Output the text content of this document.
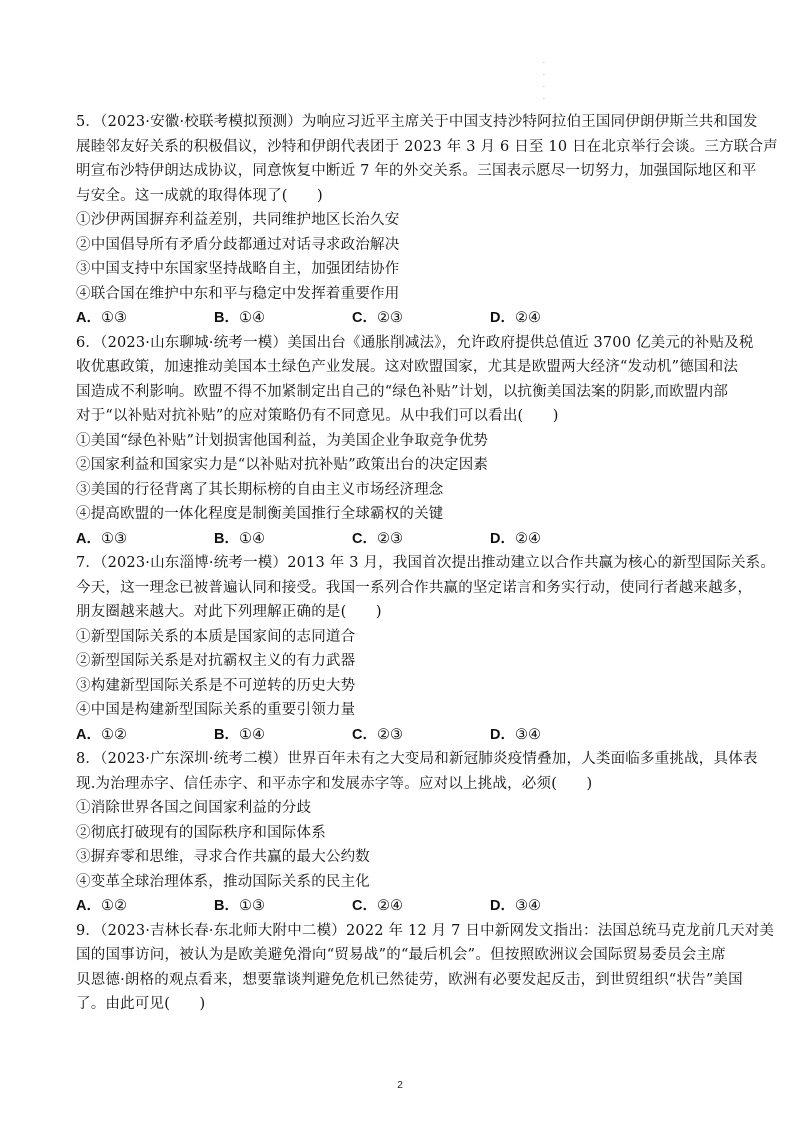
·
·
·
·
5．（2023·安徽·校联考模拟预测）为响应习近平主席关于中国支持沙特阿拉伯王国同伊朗伊斯兰共和国发
展睦邻友好关系的积极倡议，沙特和伊朗代表团于 2023 年 3 月 6 日至 10 日在北京举行会谈。三方联合声
明宣布沙特伊朗达成协议，同意恢复中断近 7 年的外交关系。三国表示愿尽一切努力，加强国际地区和平
与安全。这一成就的取得体现了(　　)
①沙伊两国摒弃利益差别，共同维护地区长治久安
②中国倡导所有矛盾分歧都通过对话寻求政治解决
③中国支持中东国家坚持战略自主，加强团结协作
④联合国在维护中东和平与稳定中发挥着重要作用
A．①③	B．①④	C．②③	D．②④
6．（2023·山东聊城·统考一模）美国出台《通胀削减法》，允许政府提供总值近 3700 亿美元的补贴及税
收优惠政策，加速推动美国本土绿色产业发展。这对欧盟国家，尤其是欧盟两大经济“发动机”德国和法
国造成不利影响。欧盟不得不加紧制定出自己的“绿色补贴”计划，以抗衡美国法案的阴影,而欧盟内部
对于“以补贴对抗补贴”的应对策略仍有不同意见。从中我们可以看出(　　)
①美国“绿色补贴”计划损害他国利益，为美国企业争取竞争优势
②国家利益和国家实力是“以补贴对抗补贴”政策出台的决定因素
③美国的行径背离了其长期标榜的自由主义市场经济理念
④提高欧盟的一体化程度是制衡美国推行全球霸权的关键
A．①③	B．①④	C．②③	D．②④
7．（2023·山东淄博·统考一模）2013 年 3 月，我国首次提出推动建立以合作共赢为核心的新型国际关系。
今天，这一理念已被普遍认同和接受。我国一系列合作共赢的坚定诺言和务实行动，使同行者越来越多，
朋友圈越来越大。对此下列理解正确的是(　　)
①新型国际关系的本质是国家间的志同道合
②新型国际关系是对抗霸权主义的有力武器
③构建新型国际关系是不可逆转的历史大势
④中国是构建新型国际关系的重要引领力量
A．①②	B．①④	C．②③	D．③④
8．（2023·广东深圳·统考二模）世界百年未有之大变局和新冠肺炎疫情叠加，人类面临多重挑战，具体表
现.为治理赤字、信任赤字、和平赤字和发展赤字等。应对以上挑战，必须(　　)
①消除世界各国之间国家利益的分歧
②彻底打破现有的国际秩序和国际体系
③摒弃零和思维，寻求合作共赢的最大公约数
④变革全球治理体系，推动国际关系的民主化
A．①②	B．①③	C．②④	D．③④
9．（2023·吉林长春·东北师大附中二模）2022 年 12 月 7 日中新网发文指出：法国总统马克龙前几天对美
国的国事访问，被认为是欧美避免滑向“贸易战”的“最后机会”。但按照欧洲议会国际贸易委员会主席
贝恩德·朗格的观点看来，想要靠谈判避免危机已然徒劳，欧洲有必要发起反击，到世贸组织“状告”美国
了。由此可见(　　)
2
